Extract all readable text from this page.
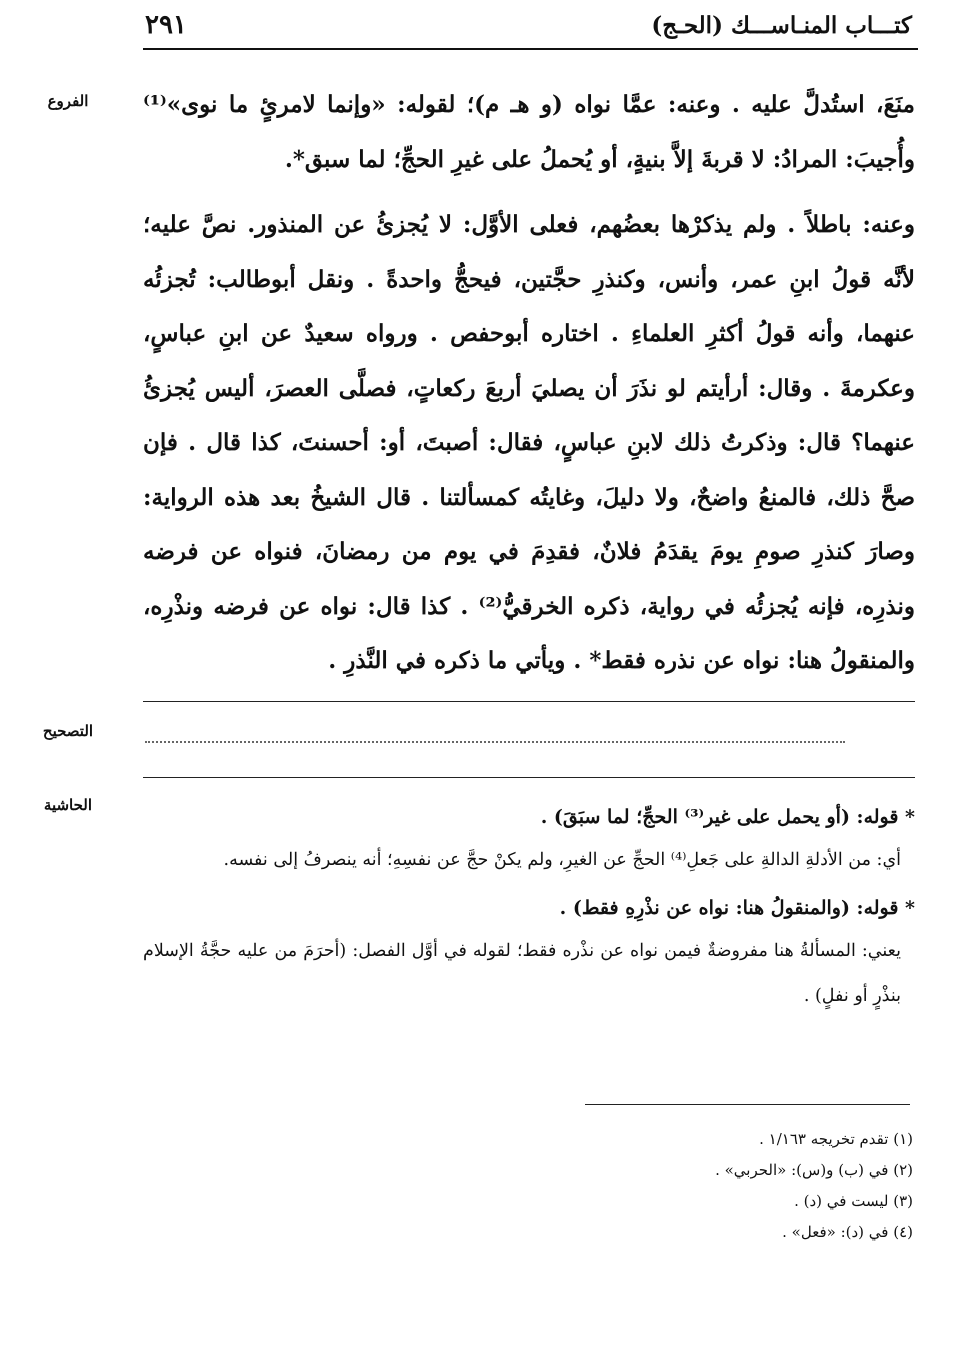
٢٩١	كتـــاب المنـاســـك (الحـج)
الفروع
التصحيح
الحاشية

منَعَ، استُدلَّ عليه . وعنه: عمَّا نواه (و هـ م)؛ لقوله: «وإنما لامرئٍ ما نوى»⁽¹⁾ وأُجيبَ: المرادُ: لا قربةَ إلاَّ بنيةٍ، أو يُحملُ على غيرِ الحجِّ؛ لما سبق*.

وعنه: باطلاً . ولم يذكرْها بعضُهم، فعلى الأوَّل: لا يُجزئُ عن المنذور. نصَّ عليه؛ لأنَّه قولُ ابنِ عمر، وأنس، وكنذرِ حجَّتين، فيحجُّ واحدةً . ونقل أبوطالب: تُجزئُه عنهما، وأنه قولُ أكثرِ العلماءِ . اختاره أبوحفص . ورواه سعيدٌ عن ابنِ عباسٍ، وعكرمةَ . وقال: أرأيتم لو نذَرَ أن يصليَ أربعَ ركعاتٍ، فصلَّى العصرَ، أليس يُجزئُ عنهما؟ قال: وذكرتُ ذلك لابنِ عباسٍ، فقال: أصبتَ، أو: أحسنتَ، كذا قال . فإن صحَّ ذلك، فالمنعُ واضحٌ، ولا دليلَ، وغايتُه كمسألتنا . قال الشيخُ بعد هذه الرواية: وصارَ كنذرِ صومِ يومَ يقدَمُ فلانٌ، فقدِمَ في يوم من رمضانَ، فنواه عن فرضه ونذرِه، فإنه يُجزئُه في رواية، ذكره الخرقيُّ⁽²⁾ . كذا قال: نواه عن فرضه ونذْرِه، والمنقولُ هنا: نواه عن نذره فقط* . ويأتي ما ذكره في النَّذرِ .

* قوله: (أو يحمل على غير⁽³⁾ الحجِّ؛ لما سبَقَ) .

أي: من الأدلةِ الدالةِ على جَعلِ⁽⁴⁾ الحجِّ عن الغيرِ، ولم يكنْ حجَّ عن نفسِهِ؛ أنه ينصرفُ إلى نفسه.

* قوله: (والمنقولُ هنا: نواه عن نذْرِهِ فقط) .

يعني: المسألةُ هنا مفروضةٌ فيمن نواه عن نذْره فقط؛ لقوله في أوَّل الفصل: (أحرَمَ من عليه حجَّةُ الإسلام بنذْرٍ أو نفلٍ) .

(١) تقدم تخريجه ١/١٦٣ .
(٢) في (ب) و(س): «الحربي» .
(٣) ليست في (د) .
(٤) في (د): «فعل» .
